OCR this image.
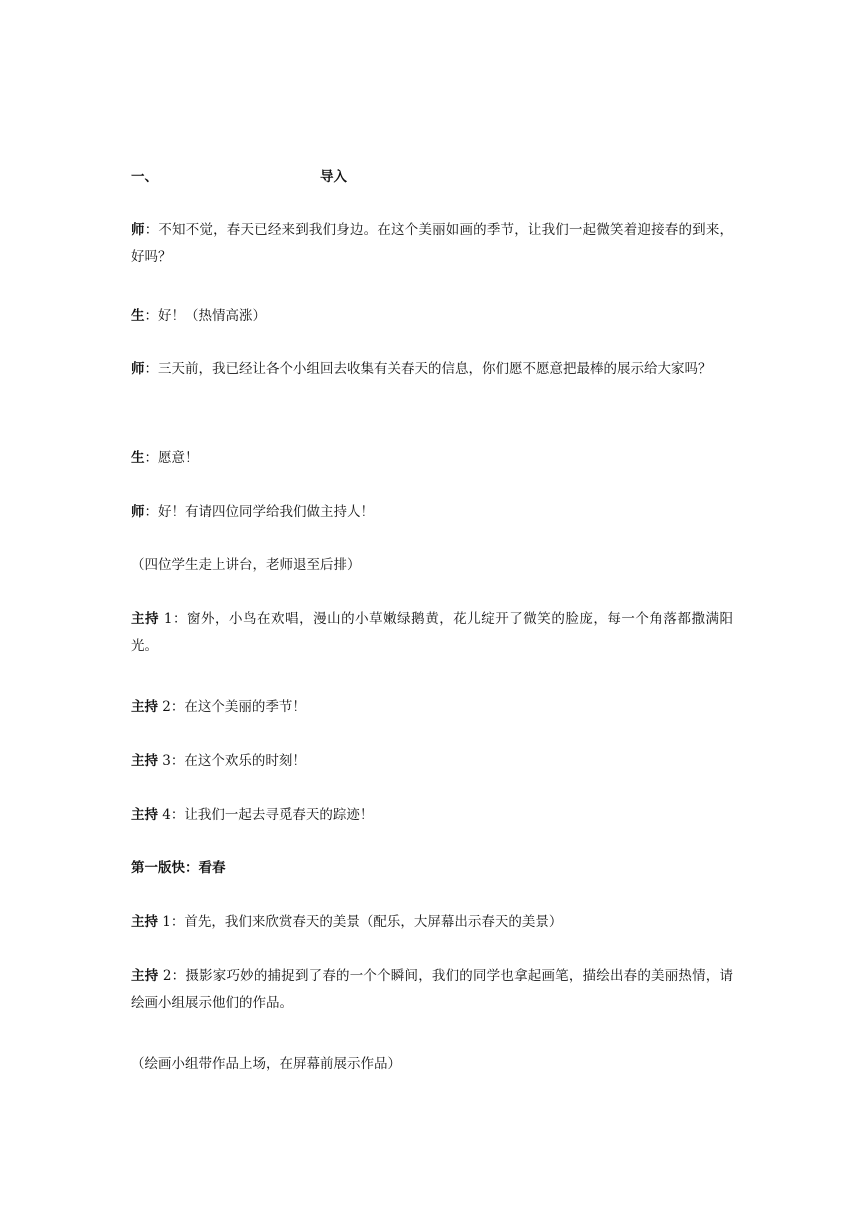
一、	导入

师：不知不觉，春天已经来到我们身边。在这个美丽如画的季节，让我们一起微笑着迎接春的到来，好吗？

生：好！（热情高涨）

师：三天前，我已经让各个小组回去收集有关春天的信息，你们愿不愿意把最棒的展示给大家吗？

生：愿意！

师：好！有请四位同学给我们做主持人！

（四位学生走上讲台，老师退至后排）

主持 1：窗外，小鸟在欢唱，漫山的小草嫩绿鹅黄，花儿绽开了微笑的脸庞，每一个角落都撒满阳光。

主持 2：在这个美丽的季节！

主持 3：在这个欢乐的时刻！

主持 4：让我们一起去寻觅春天的踪迹！

第一版快：看春

主持 1：首先，我们来欣赏春天的美景（配乐，大屏幕出示春天的美景）

主持 2：摄影家巧妙的捕捉到了春的一个个瞬间，我们的同学也拿起画笔，描绘出春的美丽热情，请绘画小组展示他们的作品。

（绘画小组带作品上场，在屏幕前展示作品）
